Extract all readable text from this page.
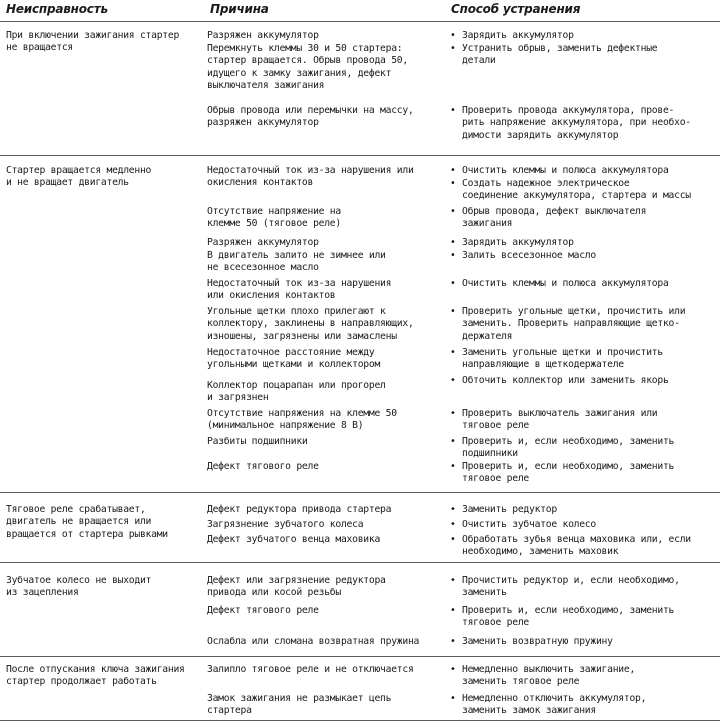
Неисправность	Причина	Способ устранения
При включении зажигания стартер
не вращается
Стартер вращается медленно
и не вращает двигатель
Тяговое реле срабатывает,
двигатель не вращается или
вращается от стартера рывками
Зубчатое колесо не выходит
из зацепления
После отпускания ключа зажигания
стартер продолжает работать
Разряжен аккумулятор
Перемкнуть клеммы 30 и 50 стартера:
стартер вращается. Обрыв провода 50,
идущего к замку зажигания, дефект
выключателя зажигания
Обрыв провода или перемычки на массу,
разряжен аккумулятор
Недостаточный ток из-за нарушения или
окисления контактов
Отсутствие напряжение на
клемме 50 (тяговое реле)
Разряжен аккумулятор
В двигатель залито не зимнее или
не всесезонное масло
Недостаточный ток из-за нарушения
или окисления контактов
Угольные щетки плохо прилегают к
коллектору, заклинены в направляющих,
изношены, загрязнены или замаслены
Недостаточное расстояние между
угольными щетками и коллектором
Коллектор поцарапан или прогорел
и загрязнен
Отсутствие напряжения на клемме 50
(минимальное напряжение 8 В)
Разбиты подшипники
Дефект тягового реле
Дефект редуктора привода стартера
Загрязнение зубчатого колеса
Дефект зубчатого венца маховика
Дефект или загрязнение редуктора
привода или косой резьбы
Дефект тягового реле
Ослабла или сломана возвратная пружина
Залипло тяговое реле и не отключается
Замок зажигания не размыкает цепь
стартера
• Зарядить аккумулятор
• Устранить обрыв, заменить дефектные
детали
• Проверить провода аккумулятора, прове-
рить напряжение аккумулятора, при необхо-
димости зарядить аккумулятор
• Очистить клеммы и полюса аккумулятора
• Создать надежное электрическое
соединение аккумулятора, стартера и массы
• Обрыв провода, дефект выключателя
зажигания
• Зарядить аккумулятор
• Залить всесезонное масло
• Очистить клеммы и полюса аккумулятора
• Проверить угольные щетки, прочистить или
заменить. Проверить направляющие щетко-
держателя
• Заменить угольные щетки и прочистить
направляющие в щеткодержателе
• Обточить коллектор или заменить якорь
• Проверить выключатель зажигания или
тяговое реле
• Проверить и, если необходимо, заменить
подшипники
• Проверить и, если необходимо, заменить
тяговое реле
• Заменить редуктор
• Очистить зубчатое колесо
• Обработать зубья венца маховика или, если
необходимо, заменить маховик
• Прочистить редуктор и, если необходимо,
заменить
• Проверить и, если необходимо, заменить
тяговое реле
• Заменить возвратную пружину
• Немедленно выключить зажигание,
заменить тяговое реле
• Немедленно отключить аккумулятор,
заменить замок зажигания
